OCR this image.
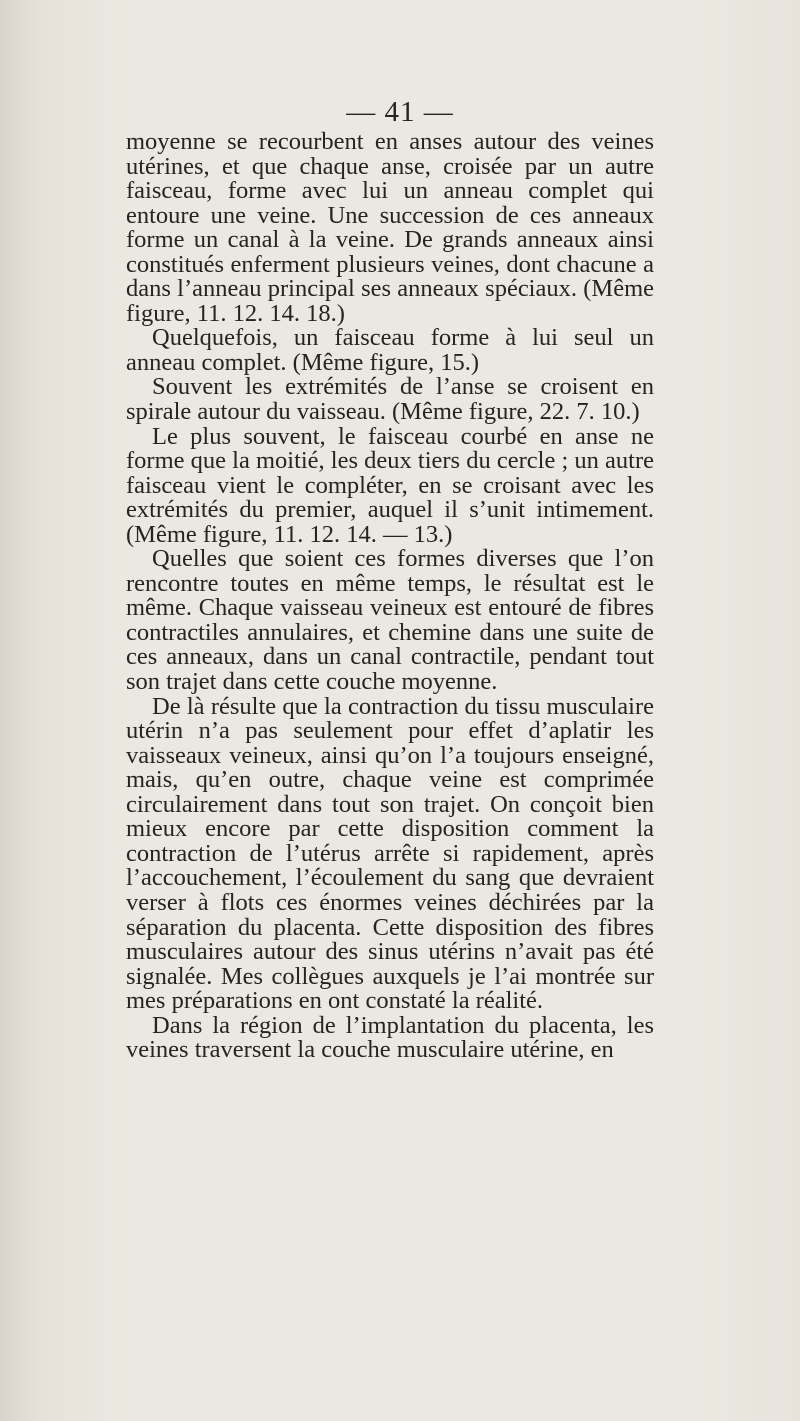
— 41 —

moyenne se recourbent en anses autour des veines utérines, et que chaque anse, croisée par un autre faisceau, forme avec lui un anneau complet qui entoure une veine. Une succession de ces anneaux forme un canal à la veine. De grands anneaux ainsi constitués enferment plusieurs veines, dont chacune a dans l’anneau principal ses anneaux spéciaux. (Même figure, 11. 12. 14. 18.)

Quelquefois, un faisceau forme à lui seul un anneau complet. (Même figure, 15.)

Souvent les extrémités de l’anse se croisent en spirale autour du vaisseau. (Même figure, 22. 7. 10.)

Le plus souvent, le faisceau courbé en anse ne forme que la moitié, les deux tiers du cercle ; un autre faisceau vient le compléter, en se croisant avec les extrémités du premier, auquel il s’unit intimement. (Même figure, 11. 12. 14. — 13.)

Quelles que soient ces formes diverses que l’on rencontre toutes en même temps, le résultat est le même. Chaque vaisseau veineux est entouré de fibres contractiles annulaires, et chemine dans une suite de ces anneaux, dans un canal contractile, pendant tout son trajet dans cette couche moyenne.

De là résulte que la contraction du tissu musculaire utérin n’a pas seulement pour effet d’aplatir les vaisseaux veineux, ainsi qu’on l’a toujours enseigné, mais, qu’en outre, chaque veine est comprimée circulairement dans tout son trajet. On conçoit bien mieux encore par cette disposition comment la contraction de l’utérus arrête si rapidement, après l’accouchement, l’écoulement du sang que devraient verser à flots ces énormes veines déchirées par la séparation du placenta. Cette disposition des fibres musculaires autour des sinus utérins n’avait pas été signalée. Mes collègues auxquels je l’ai montrée sur mes préparations en ont constaté la réalité.

Dans la région de l’implantation du placenta, les veines traversent la couche musculaire utérine, en
